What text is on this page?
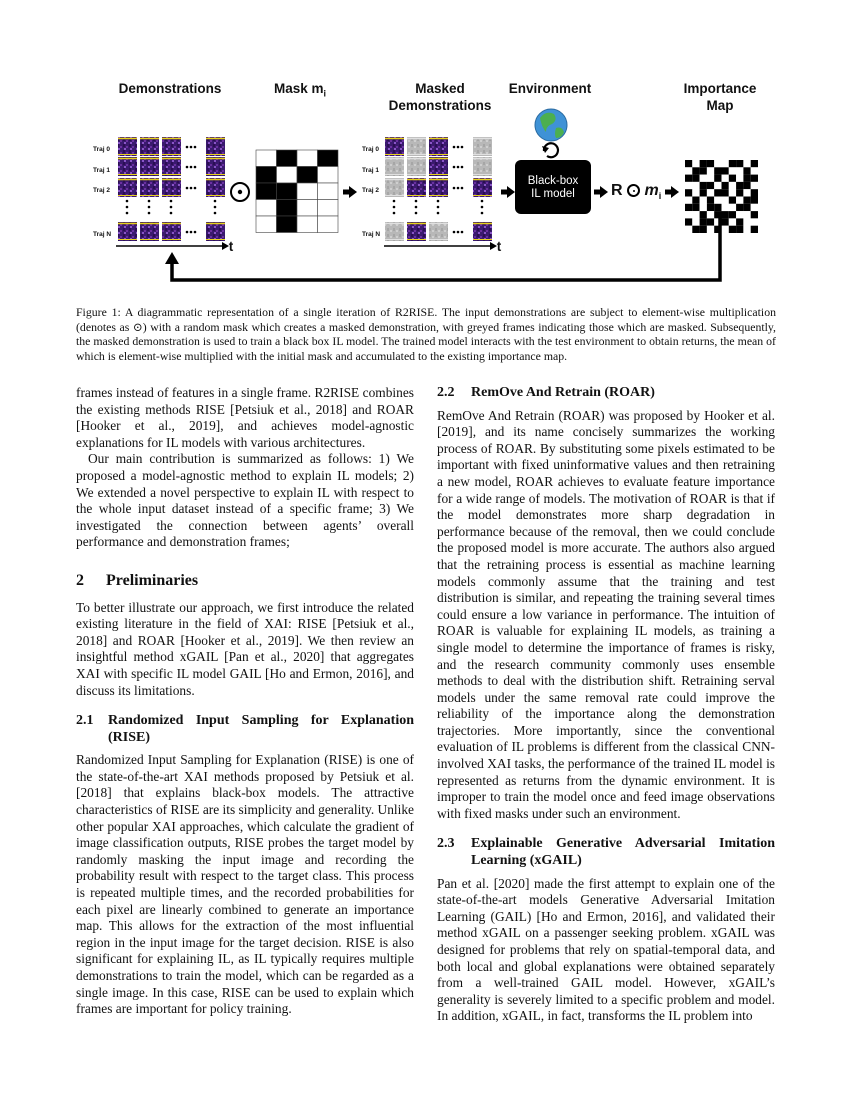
Demonstrations	Mask $m_i$	Masked
Demonstrations
Environment	Importance
Map
Traj 0
Traj 1
Traj 2
Traj N
Traj 0
Traj 1
Traj 2
Traj N
t	t
Black-box
IL model	R $m_i$
Figure 1: A diagrammatic representation of a single iteration of R2RISE. The input demonstrations are subject to element-wise multiplication (denotes as ⊙) with a random mask which creates a masked demonstration, with greyed frames indicating those which are masked. Subsequently, the masked demonstration is used to train a black box IL model. The trained model interacts with the test environment to obtain returns, the mean of which is element-wise multiplied with the initial mask and accumulated to the existing importance map.

frames instead of features in a single frame. R2RISE combines the existing methods RISE [Petsiuk et al., 2018] and ROAR [Hooker et al., 2019], and achieves model-agnostic explanations for IL models with various architectures.

Our main contribution is summarized as follows: 1) We proposed a model-agnostic method to explain IL models; 2) We extended a novel perspective to explain IL with respect to the whole input dataset instead of a specific frame; 3) We investigated the connection between agents’ overall performance and demonstration frames;

2 Preliminaries

To better illustrate our approach, we first introduce the related existing literature in the field of XAI: RISE [Petsiuk et al., 2018] and ROAR [Hooker et al., 2019]. We then review an insightful method xGAIL [Pan et al., 2020] that aggregates XAI with specific IL model GAIL [Ho and Ermon, 2016], and discuss its limitations.

2.1	Randomized Input Sampling for Explanation (RISE)

Randomized Input Sampling for Explanation (RISE) is one of the state-of-the-art XAI methods proposed by Petsiuk et al. [2018] that explains black-box models. The attractive characteristics of RISE are its simplicity and generality. Unlike other popular XAI approaches, which calculate the gradient of image classification outputs, RISE probes the target model by randomly masking the input image and recording the probability result with respect to the target class. This process is repeated multiple times, and the recorded probabilities for each pixel are linearly combined to generate an importance map. This allows for the extraction of the most influential region in the input image for the target decision. RISE is also significant for explaining IL, as IL typically requires multiple demonstrations to train the model, which can be regarded as a single image. In this case, RISE can be used to explain which frames are important for policy training.

2.2	RemOve And Retrain (ROAR)

RemOve And Retrain (ROAR) was proposed by Hooker et al. [2019], and its name concisely summarizes the working process of ROAR. By substituting some pixels estimated to be important with fixed uninformative values and then retraining a new model, ROAR achieves to evaluate feature importance for a wide range of models. The motivation of ROAR is that if the model demonstrates more sharp degradation in performance because of the removal, then we could conclude the proposed model is more accurate. The authors also argued that the retraining process is essential as machine learning models commonly assume that the training and test distribution is similar, and repeating the training several times could ensure a low variance in performance. The intuition of ROAR is valuable for explaining IL models, as training a single model to determine the importance of frames is risky, and the research community commonly uses ensemble methods to deal with the distribution shift. Retraining serval models under the same removal rate could improve the reliability of the importance along the demonstration trajectories. More importantly, since the conventional evaluation of IL problems is different from the classical CNN-involved XAI tasks, the performance of the trained IL model is represented as returns from the dynamic environment. It is improper to train the model once and feed image observations with fixed masks under such an environment.

2.3	Explainable Generative Adversarial Imitation Learning (xGAIL)

Pan et al. [2020] made the first attempt to explain one of the state-of-the-art models Generative Adversarial Imitation Learning (GAIL) [Ho and Ermon, 2016], and validated their method xGAIL on a passenger seeking problem. xGAIL was designed for problems that rely on spatial-temporal data, and both local and global explanations were obtained separately from a well-trained GAIL model. However, xGAIL’s generality is severely limited to a specific problem and model. In addition, xGAIL, in fact, transforms the IL problem into
